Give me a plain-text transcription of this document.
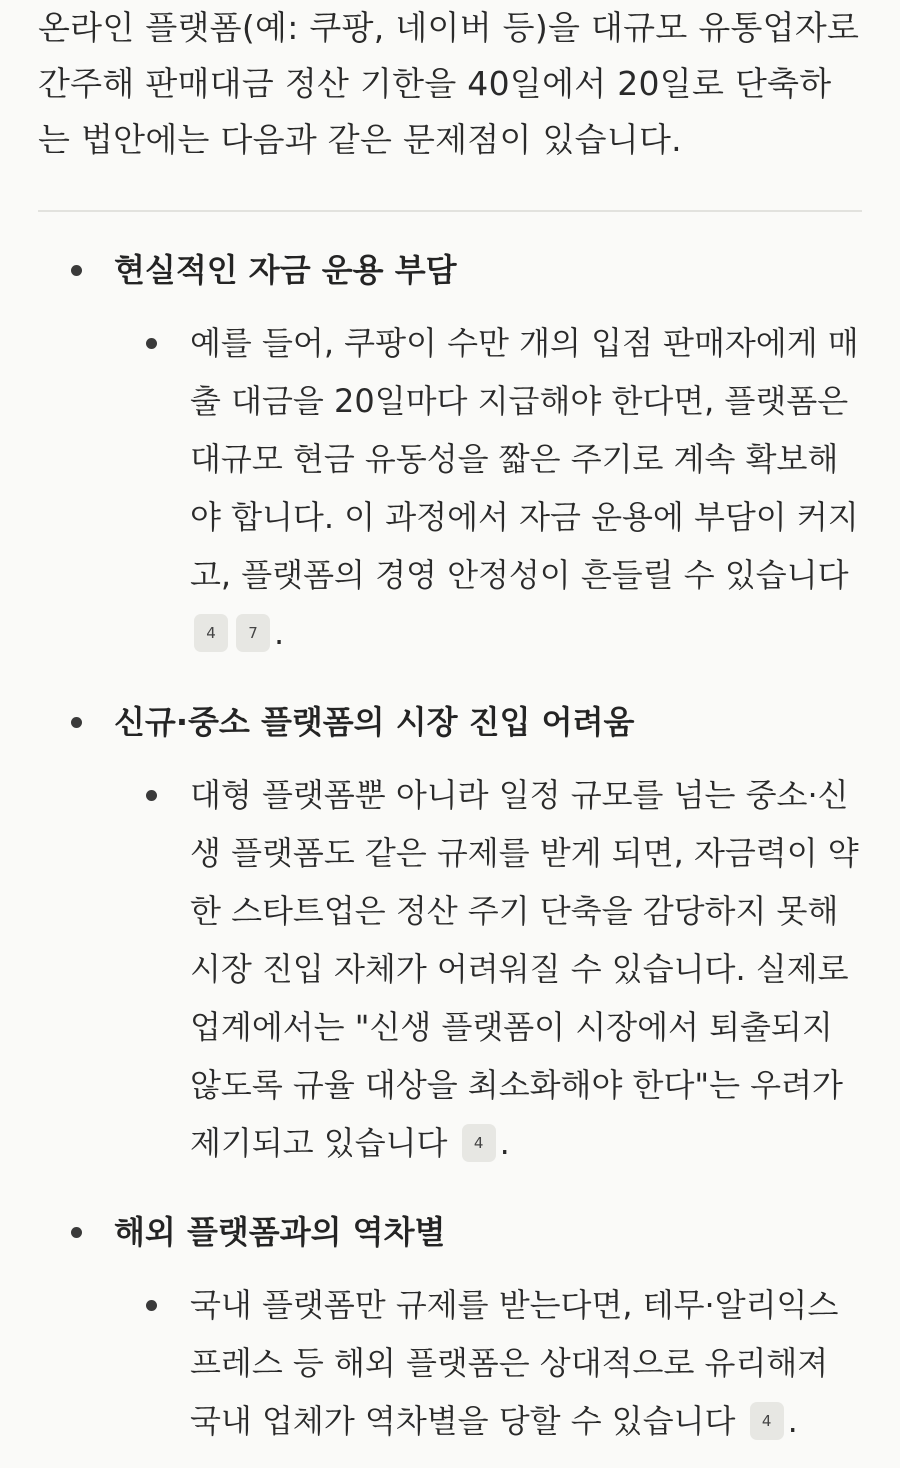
온라인 플랫폼(예: 쿠팡, 네이버 등)을 대규모 유통업자로 간주해 판매대금 정산 기한을 40일에서 20일로 단축하는 법안에는 다음과 같은 문제점이 있습니다.

현실적인 자금 운용 부담

예를 들어, 쿠팡이 수만 개의 입점 판매자에게 매출 대금을 20일마다 지급해야 한다면, 플랫폼은 대규모 현금 유동성을 짧은 주기로 계속 확보해야 합니다. 이 과정에서 자금 운용에 부담이 커지고, 플랫폼의 경영 안정성이 흔들릴 수 있습니다 4 7 .

신규·중소 플랫폼의 시장 진입 어려움

대형 플랫폼뿐 아니라 일정 규모를 넘는 중소·신생 플랫폼도 같은 규제를 받게 되면, 자금력이 약한 스타트업은 정산 주기 단축을 감당하지 못해 시장 진입 자체가 어려워질 수 있습니다. 실제로 업계에서는 "신생 플랫폼이 시장에서 퇴출되지 않도록 규율 대상을 최소화해야 한다"는 우려가 제기되고 있습니다 4 .

해외 플랫폼과의 역차별

국내 플랫폼만 규제를 받는다면, 테무·알리익스프레스 등 해외 플랫폼은 상대적으로 유리해져 국내 업체가 역차별을 당할 수 있습니다 4 .
